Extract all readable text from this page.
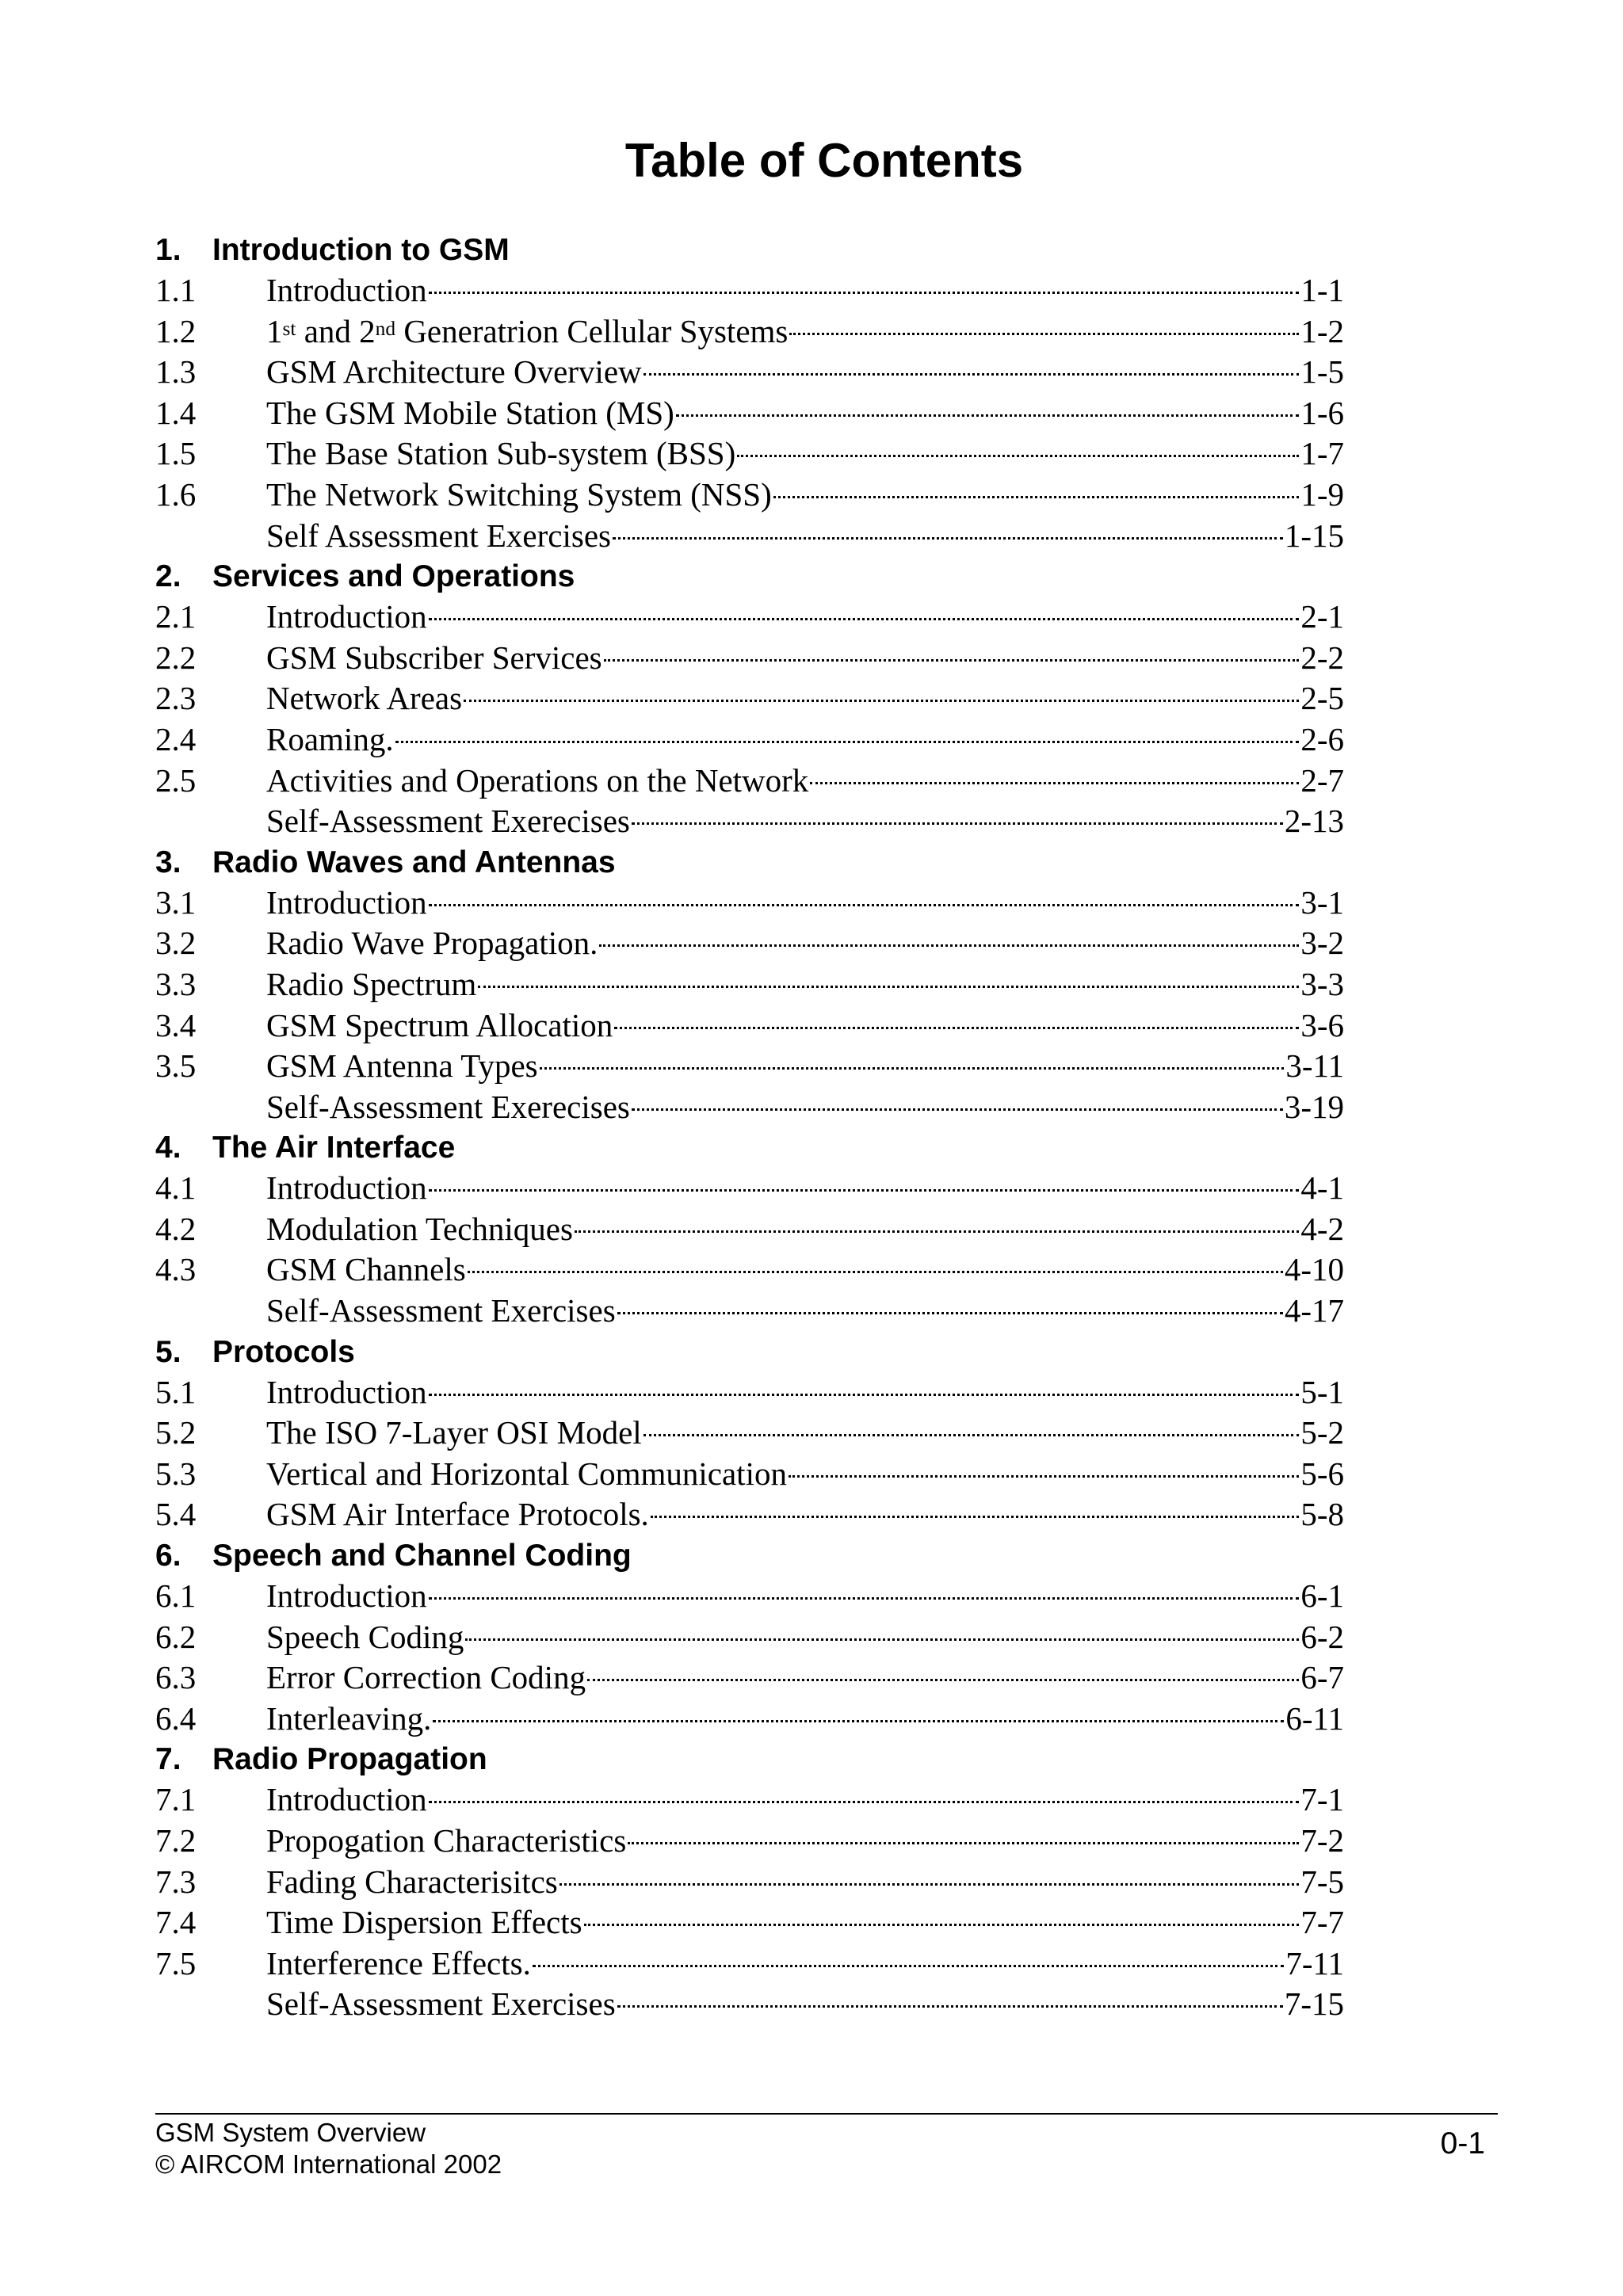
Table of Contents
1. Introduction to GSM
1.1	Introduction	1-1
1.2	1st and 2nd Generatrion Cellular Systems	1-2
1.3	GSM Architecture Overview	1-5
1.4	The GSM Mobile Station (MS)	1-6
1.5	The Base Station Sub-system (BSS)	1-7
1.6	The Network Switching System (NSS)	1-9
Self Assessment Exercises	1-15
2. Services and Operations
2.1	Introduction	2-1
2.2	GSM Subscriber Services	2-2
2.3	Network Areas	2-5
2.4	Roaming.	2-6
2.5	Activities and Operations on the Network	2-7
Self-Assessment Exerecises	2-13
3. Radio Waves and Antennas
3.1	Introduction	3-1
3.2	Radio Wave Propagation.	3-2
3.3	Radio Spectrum	3-3
3.4	GSM Spectrum Allocation	3-6
3.5	GSM Antenna Types	3-11
Self-Assessment Exerecises	3-19
4. The Air Interface
4.1	Introduction	4-1
4.2	Modulation Techniques	4-2
4.3	GSM Channels	4-10
Self-Assessment Exercises	4-17
5. Protocols
5.1	Introduction	5-1
5.2	The ISO 7-Layer OSI Model	5-2
5.3	Vertical and Horizontal Communication	5-6
5.4	GSM Air Interface Protocols.	5-8
6. Speech and Channel Coding
6.1	Introduction	6-1
6.2	Speech Coding	6-2
6.3	Error Correction Coding	6-7
6.4	Interleaving.	6-11
7. Radio Propagation
7.1	Introduction	7-1
7.2	Propogation Characteristics	7-2
7.3	Fading Characterisitcs	7-5
7.4	Time Dispersion Effects	7-7
7.5	Interference Effects.	7-11
Self-Assessment Exercises	7-15
GSM System Overview
© AIRCOM International 2002
0-1
